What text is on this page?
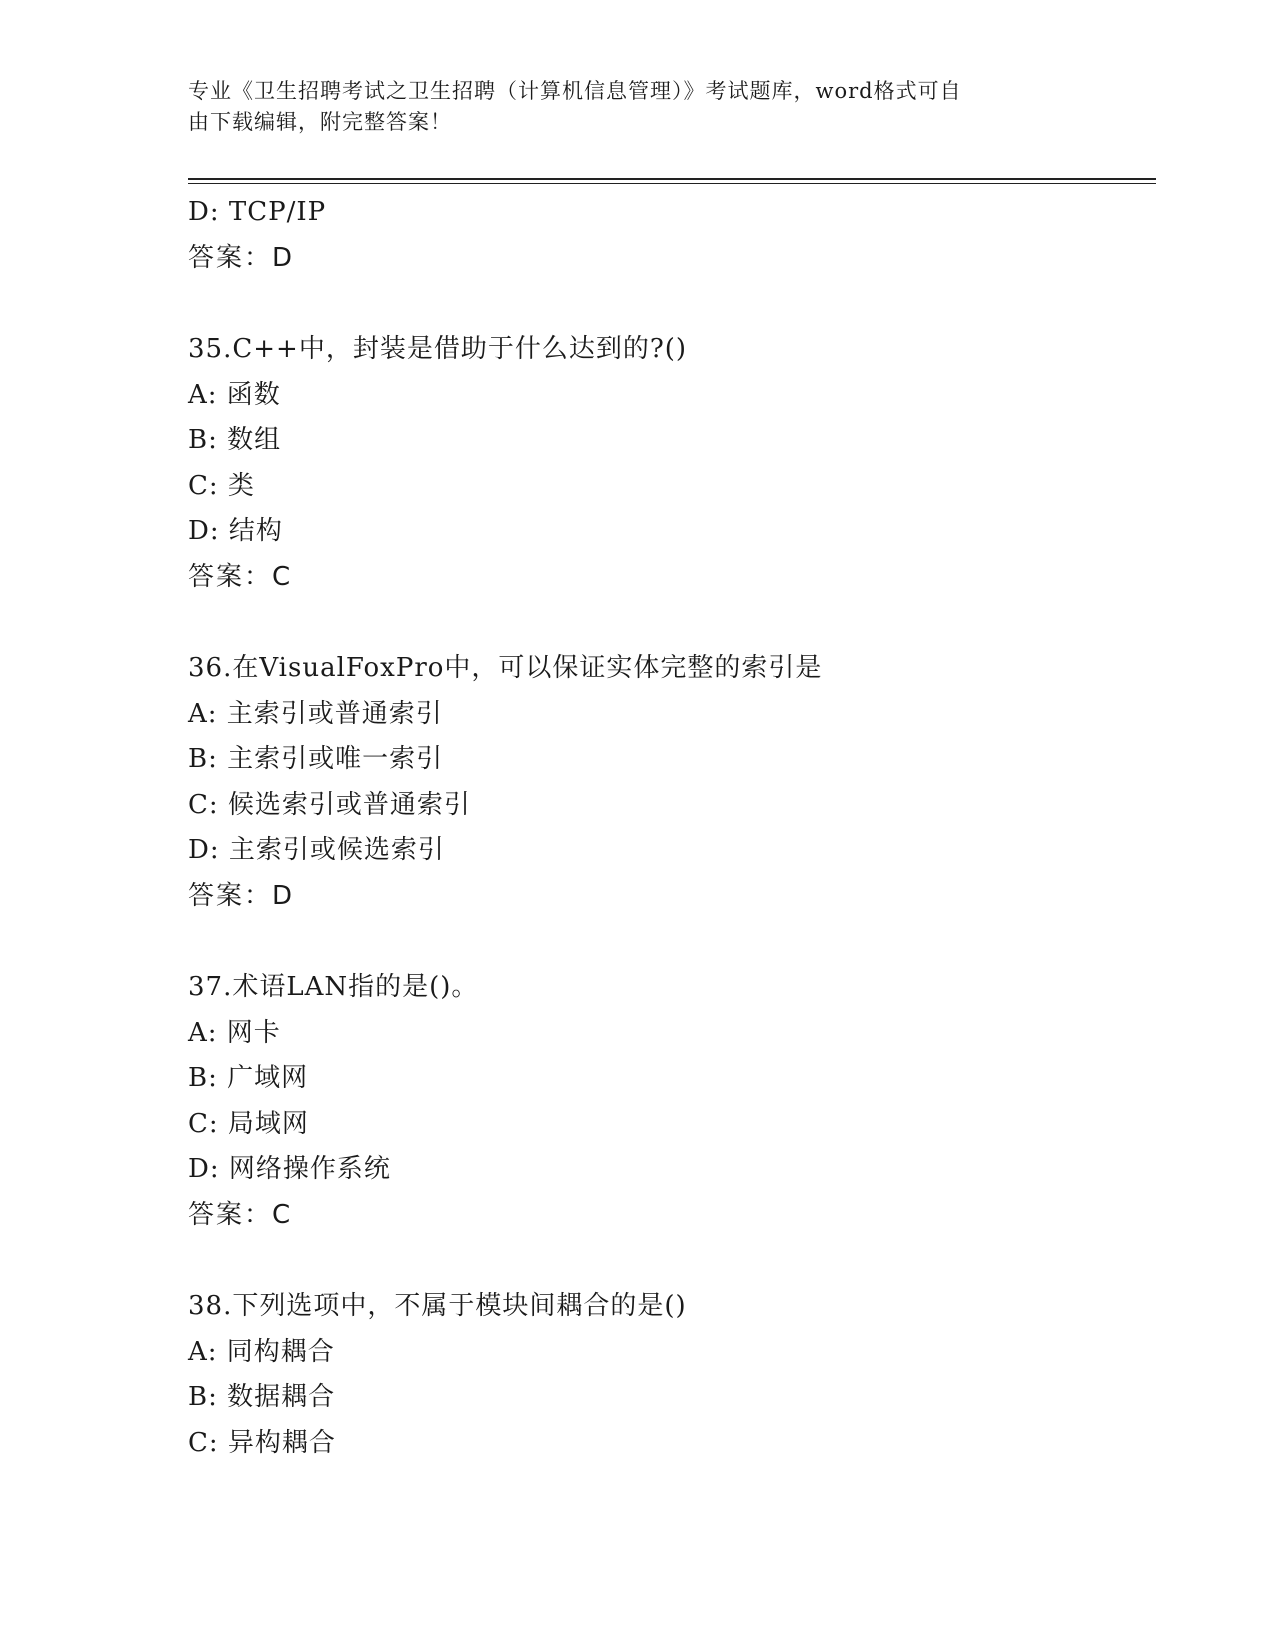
专业《卫生招聘考试之卫生招聘（计算机信息管理）》考试题库，word格式可自
由下载编辑，附完整答案！
D: TCP/IP
答案：D
35.C++中，封装是借助于什么达到的?()
A: 函数
B: 数组
C: 类
D: 结构
答案：C
36.在VisualFoxPro中，可以保证实体完整的索引是
A: 主索引或普通索引
B: 主索引或唯一索引
C: 候选索引或普通索引
D: 主索引或候选索引
答案：D
37.术语LAN指的是()。
A: 网卡
B: 广域网
C: 局域网
D: 网络操作系统
答案：C
38.下列选项中，不属于模块间耦合的是()
A: 同构耦合
B: 数据耦合
C: 异构耦合
